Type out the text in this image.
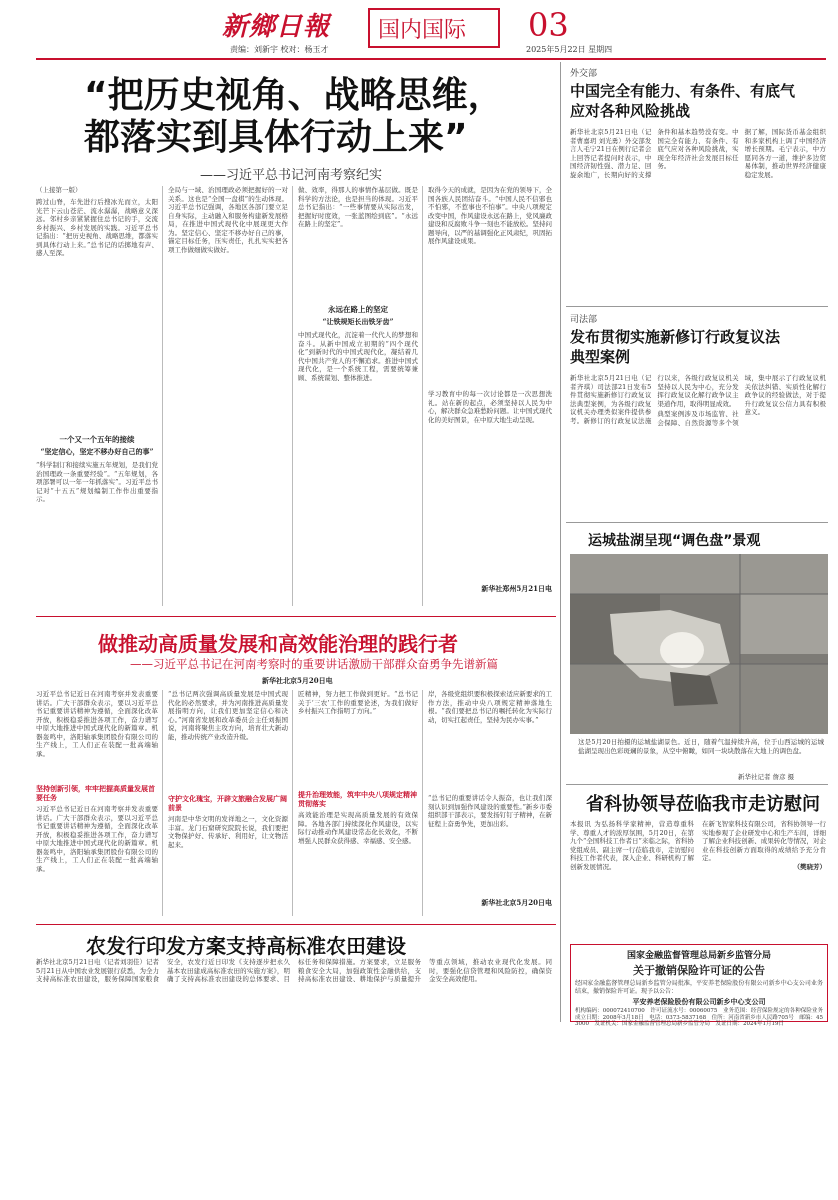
新鄉日報 国内国际 03
责编：刘新宇 校对：杨玉才	2025年5月22日 星期四
“把历史视角、战略思维，
都落实到具体行动上来”
——习近平总书记河南考察纪实
（上接第一版）
跨过山脊，车先进行后搜冰光而立，太阳光芒下云山苍茫、流水潺潺，战略意义深远。邻村乡亲紧紧握住总书记的手，交流乡村振兴、乡村发展的实践。习近平总书记指出：“把历史视角、战略思维，都落实到具体行动上来。”总书记的话掷地有声、感人至深。
一个又一个五年的接续
“坚定信心，坚定不移办好自己的事”
“科学制订和接续实施五年规划，是我们党治国理政一条重要经验”。“五年规划，各项部署可以一年一年抓落实”。习近平总书记对“十五五”规划编制工作作出重要指示。
全局与一域、治国理政必须把握好的一对关系。这也是“全国一盘棋”的生动体现。习近平总书记强调，各地区各部门要立足自身实际，主动融入和服务构建新发展格局，在推进中国式现代化中展现更大作为。坚定信心、坚定不移办好自己的事，锚定目标任务，压实责任，扎扎实实把各项工作做细做实做好。
做、效率，得那人的事情作基层做。既是科学的方法论，也是担当的体现。习近平总书记指出：“一些事情要从实际出发，把握好时度效，一张蓝图绘到底”。“永远在路上的坚定”。
永远在路上的坚定
“让铁规矩长出铁牙齿”
中国式现代化，沉淀着一代代人的梦想和奋斗。从新中国成立初期的“四个现代化”到新时代的中国式现代化，凝结着几代中国共产党人的不懈追求。推进中国式现代化，是一个系统工程，需要统筹兼顾、系统谋划、整体推进。
取得今天的成就，是因为在党的领导下，全国各族人民团结奋斗。“中国人民不信邪也不怕邪，不惹事也不怕事”。中央八项规定改变中国，作风建设永远在路上，党风廉政建设和反腐败斗争一刻也不能放松。坚持问题导向，以严的基调强化正风肃纪，巩固拓展作风建设成果。
学习教育中的每一次讨论都是一次思想洗礼。站在新的起点，必须坚持以人民为中心，解决群众急难愁盼问题。让中国式现代化的美好图景，在中原大地生动呈现。
新华社郑州5月21日电
做推动高质量发展和高效能治理的践行者
——习近平总书记在河南考察时的重要讲话激励干部群众奋勇争先谱新篇
新华社北京5月20日电
习近平总书记近日在河南考察并发表重要讲话。广大干部群众表示，要以习近平总书记重要讲话精神为遵循，全面深化改革开放，积极稳妥推进各项工作，奋力谱写中原大地推进中国式现代化的新篇章。机器轰鸣中，洛阳轴承集团股份有限公司的生产线上，工人们正在装配一批高端轴承。
坚持创新引领，牢牢把握高质量发展首要任务
习近平总书记近日在河南考察并发表重要讲话。广大干部群众表示，要以习近平总书记重要讲话精神为遵循，全面深化改革开放，积极稳妥推进各项工作，奋力谱写中原大地推进中国式现代化的新篇章。机器轰鸣中，洛阳轴承集团股份有限公司的生产线上，工人们正在装配一批高端轴承。
“总书记两次强调高质量发展是中国式现代化的必然要求，并为河南推进高质量发展指明方向，让我们更加坚定信心和决心。”河南省发展和改革委员会主任刘振国说，河南将聚焦主攻方向，培育壮大新动能，推动传统产业改造升级。
守护文化瑰宝，开辟文旅融合发展广阔前景
河南是中华文明的发祥地之一，文化资源丰富。龙门石窟研究院院长说，我们要把文物保护好、传承好、利用好，让文物活起来。
匠精神，努力把工作做到更好。“总书记关于‘三农’工作的重要论述，为我们做好乡村振兴工作指明了方向。”
提升治理效能，筑牢中央八项规定精神贯彻落实
高效能治理是实现高质量发展的有效保障。各地各部门持续深化作风建设，以实际行动推动作风建设常态化长效化，不断增强人民群众获得感、幸福感、安全感。
岸，各级党组织要积极探索适应新要求的工作方法，推动中央八项规定精神落地生根。“我们要把总书记的嘱托转化为实际行动，切实扛起责任，坚持为民办实事。”
“总书记的重要讲话令人振奋，也让我们深刻认识到加强作风建设的重要性。”新乡市委组织部干部表示，要发扬钉钉子精神，在新征程上奋勇争先，更加出彩。
新华社北京5月20日电
农发行印发方案支持高标准农田建设
新华社北京5月21日电（记者刘羽佳）记者5月21日从中国农业发展银行获悉，为全力支持高标准农田建设，服务保障国家粮食安全，农发行近日印发《支持逐步把永久基本农田建成高标准农田的实施方案》，明确了支持高标准农田建设的总体要求、目标任务和保障措施。方案要求，立足服务粮食安全大局，加强政策性金融供给，支持高标准农田建设、耕地保护与质量提升等重点领域，推动农业现代化发展。同时，要强化信贷管理和风险防控，确保资金安全高效使用。
外交部
中国完全有能力、有条件、有底气
应对各种风险挑战
新华社北京5月21日电（记者曹嘉玥 刘光勇）外交部发言人毛宁21日在例行记者会上回答记者提问时表示，中国经济韧性强、潜力足、回旋余地广，长期向好的支撑条件和基本趋势没有变。中国完全有能力、有条件、有底气应对各种风险挑战，实现全年经济社会发展目标任务。
据了解，国际货币基金组织和多家机构上调了中国经济增长预期。毛宁表示，中方愿同各方一道，维护多边贸易体制，推动世界经济健康稳定发展。
司法部
发布贯彻实施新修订行政复议法
典型案例
新华社北京5月21日电（记者齐琪）司法部21日发布5件贯彻实施新修订行政复议法典型案例，为各级行政复议机关办理类似案件提供参考。新修订的行政复议法施行以来，各级行政复议机关坚持以人民为中心，充分发挥行政复议化解行政争议主渠道作用，取得明显成效。
典型案例涉及市场监管、社会保障、自然资源等多个领域，集中展示了行政复议机关依法纠错、实质性化解行政争议的经验做法，对于提升行政复议公信力具有积极意义。
运城盐湖呈现“调色盘”景观
这是5月20日拍摄的运城盐湖景色。近日，随着气温持续升高，位于山西运城的运城盐湖呈现出色彩斑斓的景象，从空中俯瞰，如同一块块散落在大地上的调色盘。
新华社记者 詹彦 摄
省科协领导莅临我市走访慰问
本报讯 为弘扬科学家精神，营造尊重科学、尊重人才的浓厚氛围，5月20日，在第九个“全国科技工作者日”来临之际，省科协党组成员、副主席一行莅临我市，走访慰问科技工作者代表，深入企业、科研机构了解创新发展情况。
在新飞智家科技有限公司，省科协领导一行实地参观了企业研发中心和生产车间，详细了解企业科技创新、成果转化等情况，对企业在科技创新方面取得的成绩给予充分肯定。
（樊晓芳）
国家金融监督管理总局新乡监管分局
关于撤销保险许可证的公告
经国家金融监督管理总局新乡监管分局批准，平安养老保险股份有限公司新乡中心支公司业务结束，撤销保险许可证。现予以公告：
平安养老保险股份有限公司新乡中心支公司
机构编码：000072410700　许可证流水号：00060075　业务范围：经营保险规定的各种保险业务　成立日期：2008年3月18日　电话：0373-5837168　住所：河南省新乡市人民路705号　邮编：453000　发证机关：国家金融监督管理总局新乡监管分局　发证日期：2024年1月19日
